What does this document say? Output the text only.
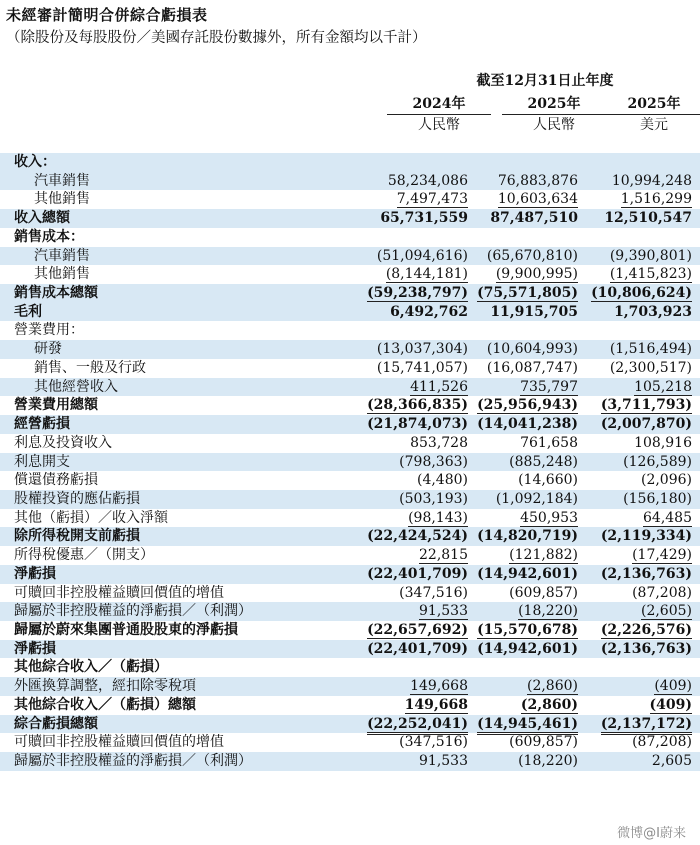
未經審計簡明合併綜合虧損表
（除股份及每股股份／美國存託股份數據外，所有金額均以千計）
截至12月31日止年度
2024年
人民幣
2025年
人民幣
2025年
美元
收入：
汽車銷售	58,234,086 76,883,876 10,994,248
其他銷售	7,497,473 10,603,634	1,516,299
收入總額	65,731,559 87,487,510 12,510,547
銷售成本：
汽車銷售	(51,094,616) (65,670,810) (9,390,801)
其他銷售	(8,144,181) (9,900,995) (1,415,823)
銷售成本總額	(59,238,797) (75,571,805) (10,806,624)
毛利	6,492,762 11,915,705	1,703,923
營業費用：
研發	(13,037,304) (10,604,993) (1,516,494)
銷售、一般及行政	(15,741,057) (16,087,747) (2,300,517)
其他經營收入	411,526	735,797	105,218
營業費用總額	(28,366,835) (25,956,943) (3,711,793)
經營虧損	(21,874,073) (14,041,238) (2,007,870)
利息及投資收入	853,728	761,658	108,916
利息開支	(798,363)	(885,248)	(126,589)
償還債務虧損	(4,480)	(14,660)	(2,096)
股權投資的應佔虧損	(503,193) (1,092,184)	(156,180)
其他（虧損）／收入淨額	(98,143)	450,953	64,485
除所得稅開支前虧損	(22,424,524) (14,820,719) (2,119,334)
所得稅優惠／（開支）	22,815	(121,882)	(17,429)
淨虧損	(22,401,709) (14,942,601) (2,136,763)
可贖回非控股權益贖回價值的增值	(347,516)	(609,857)	(87,208)
歸屬於非控股權益的淨虧損／（利潤）	91,533	(18,220)	(2,605)
歸屬於蔚來集團普通股股東的淨虧損	(22,657,692) (15,570,678) (2,226,576)
淨虧損	(22,401,709) (14,942,601) (2,136,763)
其他綜合收入／（虧損）
外匯換算調整，經扣除零稅項	149,668	(2,860)	(409)
其他綜合收入／（虧損）總額	149,668	(2,860)	(409)
綜合虧損總額	(22,252,041) (14,945,461) (2,137,172)
可贖回非控股權益贖回價值的增值	(347,516)	(609,857)	(87,208)
歸屬於非控股權益的淨虧損／（利潤）	91,533	(18,220)	2,605
微博@I蔚来
